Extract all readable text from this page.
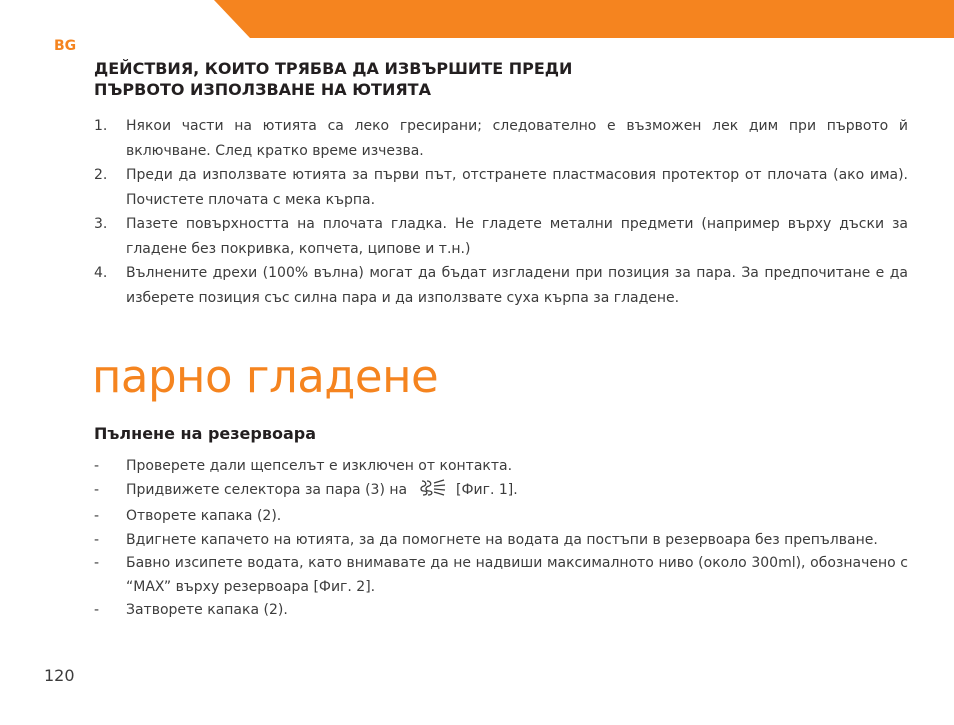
BG
ДЕЙСТВИЯ, КОИТО ТРЯБВА ДА ИЗВЪРШИТЕ ПРЕДИ
ПЪРВОТО ИЗПОЛЗВАНЕ НА ЮТИЯТА
1. Някои части на ютията са леко гресирани; следователно е възможен лек дим при първото й включване. След кратко време изчезва.
2. Преди да използвате ютията за първи път, отстранете пластмасовия протектор от плочата (ако има). Почистете плочата с мека кърпа.
3. Пазете повърхността на плочата гладка. Не гладете метални предмети (например върху дъски за гладене без покривка, копчета, ципове и т.н.)
4. Вълнените дрехи (100% вълна) могат да бъдат изгладени при позиция за пара. За предпочитане е да изберете позиция със силна пара и да използвате суха кърпа за гладене.
парно гладене
Пълнене на резервоара
- Проверете дали щепселът е изключен от контакта.
- Придвижете селектора за пара (3) на	[Фиг. 1].
- Отворете капака (2).
- Вдигнете капачето на ютията, за да помогнете на водата да постъпи в резервоара без препълване.
- Бавно изсипете водата, като внимавате да не надвиши максималното ниво (около 300ml), обозначено с “MAX” върху резервоара [Фиг. 2].
- Затворете капака (2).
120
